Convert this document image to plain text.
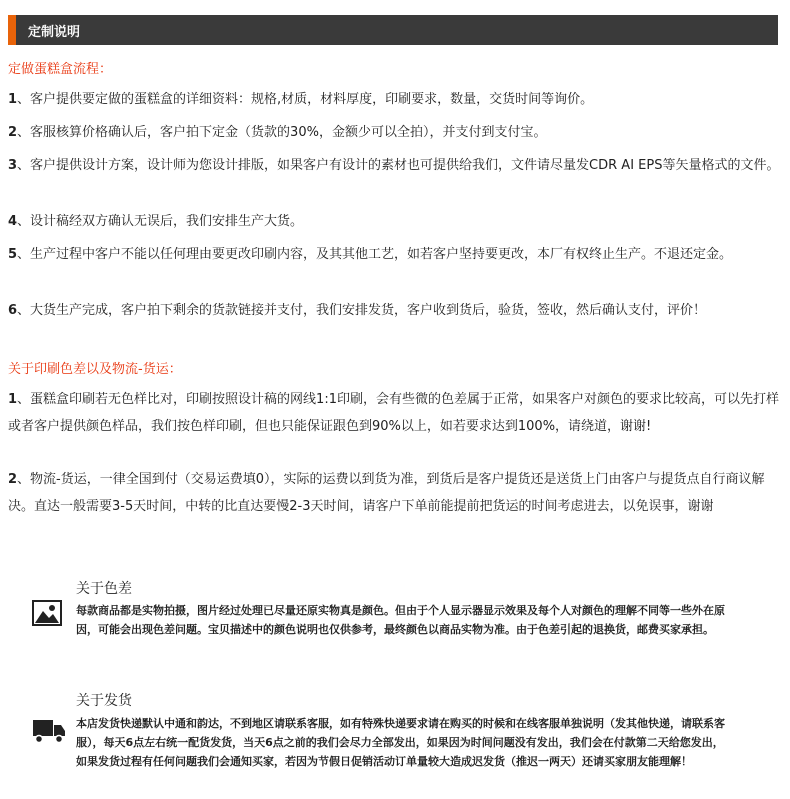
定制说明
定做蛋糕盒流程：
1、客户提供要定做的蛋糕盒的详细资料：规格,材质，材料厚度，印刷要求，数量，交货时间等询价。
2、客服核算价格确认后，客户拍下定金（货款的30%，金额少可以全拍），并支付到支付宝。
3、客户提供设计方案，设计师为您设计排版，如果客户有设计的素材也可提供给我们，文件请尽量发CDR AI EPS等矢量格式的文件。
4、设计稿经双方确认无误后，我们安排生产大货。
5、生产过程中客户不能以任何理由要更改印刷内容，及其其他工艺，如若客户坚持要更改，本厂有权终止生产。不退还定金。
6、大货生产完成，客户拍下剩余的货款链接并支付，我们安排发货，客户收到货后，验货，签收，然后确认支付，评价！
关于印刷色差以及物流-货运：
1、蛋糕盒印刷若无色样比对，印刷按照设计稿的网线1:1印刷，会有些微的色差属于正常，如果客户对颜色的要求比较高，可以先打样或者客户提供颜色样品，我们按色样印刷，但也只能保证跟色到90%以上，如若要求达到100%，请绕道，谢谢!
2、物流-货运，一律全国到付（交易运费填0），实际的运费以到货为准，到货后是客户提货还是送货上门由客户与提货点自行商议解决。直达一般需要3-5天时间，中转的比直达要慢2-3天时间，请客户下单前能提前把货运的时间考虑进去，以免误事，谢谢
关于色差
每款商品都是实物拍摄，图片经过处理已尽量还原实物真是颜色。但由于个人显示器显示效果及每个人对颜色的理解不同等一些外在原因，可能会出现色差问题。宝贝描述中的颜色说明也仅供参考，最终颜色以商品实物为准。由于色差引起的退换货，邮费买家承担。
关于发货
本店发货快递默认中通和韵达，不到地区请联系客服，如有特殊快递要求请在购买的时候和在线客服单独说明（发其他快递，请联系客服），每天6点左右统一配货发货，当天6点之前的我们会尽力全部发出，如果因为时间问题没有发出，我们会在付款第二天给您发出，如果发货过程有任何问题我们会通知买家，若因为节假日促销活动订单量较大造成迟发货（推迟一两天）还请买家朋友能理解！
